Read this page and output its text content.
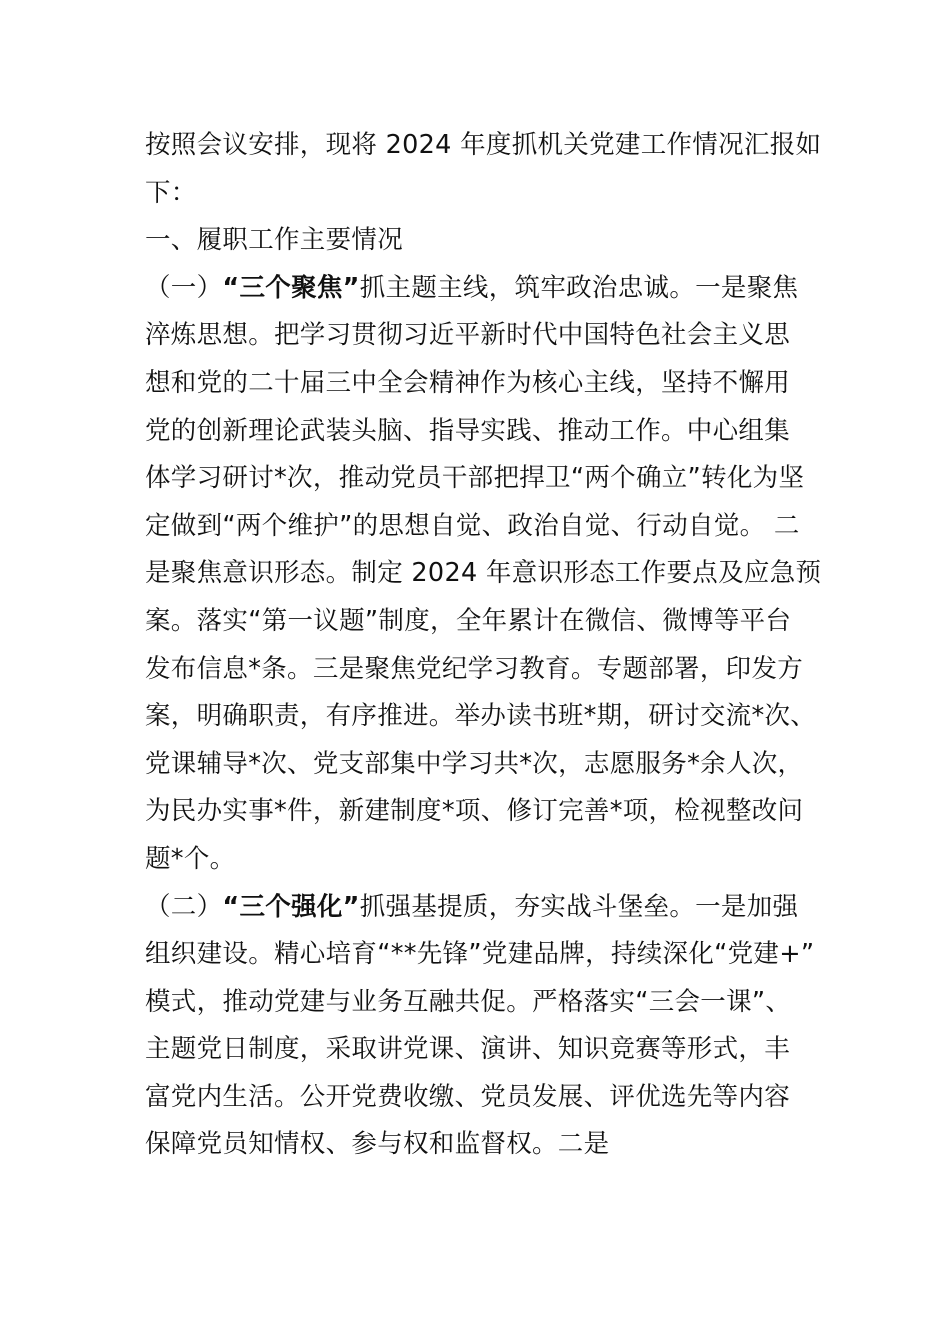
按照会议安排，现将 2024 年度抓机关党建工作情况汇报如
下：
一、履职工作主要情况
（一）“三个聚焦”抓主题主线，筑牢政治忠诚。一是聚焦
淬炼思想。把学习贯彻习近平新时代中国特色社会主义思
想和党的二十届三中全会精神作为核心主线，坚持不懈用
党的创新理论武装头脑、指导实践、推动工作。中心组集
体学习研讨*次，推动党员干部把捍卫“两个确立”转化为坚
定做到“两个维护”的思想自觉、政治自觉、行动自觉。 二
是聚焦意识形态。制定 2024 年意识形态工作要点及应急预
案。落实“第一议题”制度，全年累计在微信、微博等平台
发布信息*条。三是聚焦党纪学习教育。专题部署，印发方
案，明确职责，有序推进。举办读书班*期，研讨交流*次、
党课辅导*次、党支部集中学习共*次，志愿服务*余人次，
为民办实事*件，新建制度*项、修订完善*项，检视整改问
题*个。
（二）“三个强化”抓强基提质，夯实战斗堡垒。一是加强
组织建设。精心培育“**先锋”党建品牌，持续深化“党建+”
模式，推动党建与业务互融共促。严格落实“三会一课”、
主题党日制度，采取讲党课、演讲、知识竞赛等形式，丰
富党内生活。公开党费收缴、党员发展、评优选先等内容
保障党员知情权、参与权和监督权。二是
